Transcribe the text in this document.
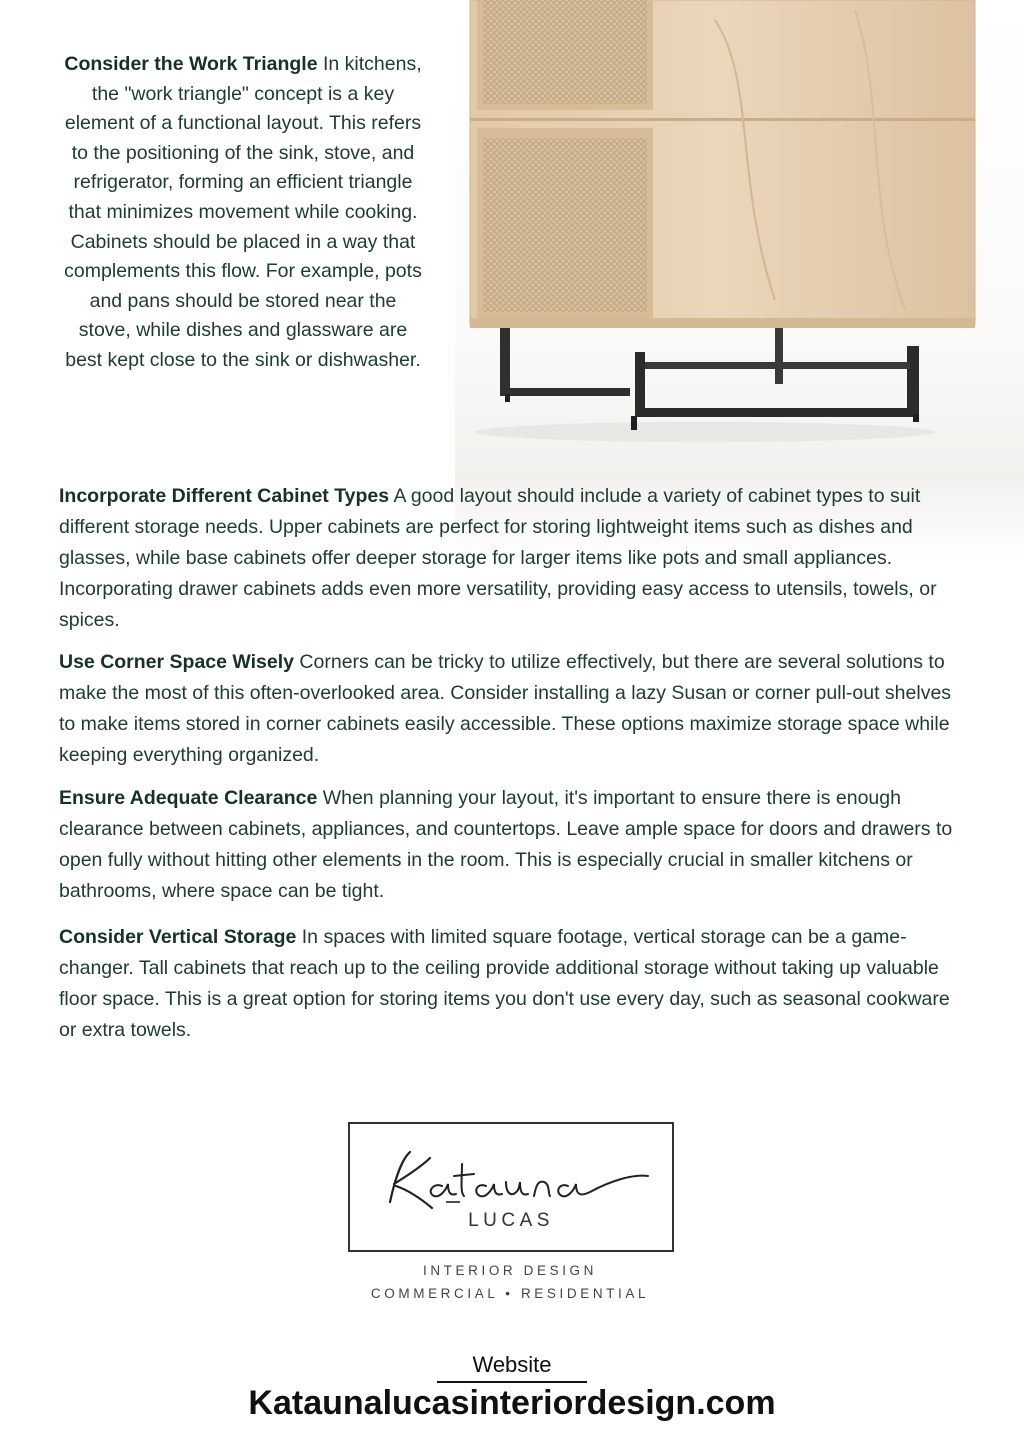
Consider the Work Triangle In kitchens, the "work triangle" concept is a key element of a functional layout. This refers to the positioning of the sink, stove, and refrigerator, forming an efficient triangle that minimizes movement while cooking. Cabinets should be placed in a way that complements this flow. For example, pots and pans should be stored near the stove, while dishes and glassware are best kept close to the sink or dishwasher.
Incorporate Different Cabinet Types A good layout should include a variety of cabinet types to suit different storage needs. Upper cabinets are perfect for storing lightweight items such as dishes and glasses, while base cabinets offer deeper storage for larger items like pots and small appliances. Incorporating drawer cabinets adds even more versatility, providing easy access to utensils, towels, or spices.
Use Corner Space Wisely Corners can be tricky to utilize effectively, but there are several solutions to make the most of this often-overlooked area. Consider installing a lazy Susan or corner pull-out shelves to make items stored in corner cabinets easily accessible. These options maximize storage space while keeping everything organized.
Ensure Adequate Clearance When planning your layout, it's important to ensure there is enough clearance between cabinets, appliances, and countertops. Leave ample space for doors and drawers to open fully without hitting other elements in the room. This is especially crucial in smaller kitchens or bathrooms, where space can be tight.
Consider Vertical Storage In spaces with limited square footage, vertical storage can be a game-changer. Tall cabinets that reach up to the ceiling provide additional storage without taking up valuable floor space. This is a great option for storing items you don't use every day, such as seasonal cookware or extra towels.
LUCAS
INTERIOR DESIGN
COMMERCIAL • RESIDENTIAL
Website
Kataunalucasinteriordesign.com
